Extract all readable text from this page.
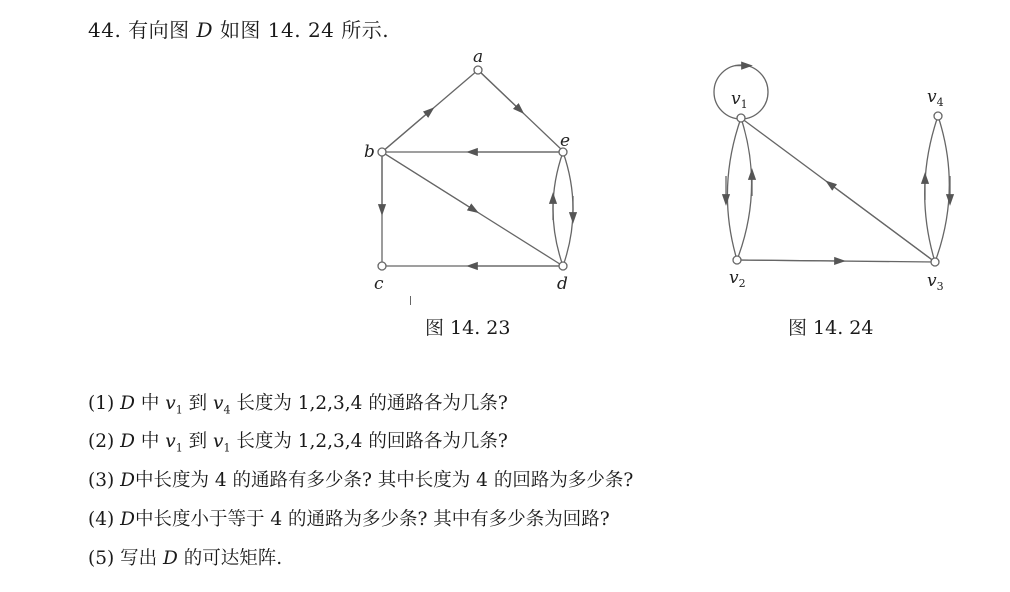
44. 有向图 D 如图 14. 24 所示.
a
b
c	d
e
$v_1$
$v_2$	$v_3$
$v_4$
图 14. 23	图 14. 24
(1) D 中 $v_1$ 到 $v_4$ 长度为 1,2,3,4 的通路各为几条?
(2) D 中 $v_1$ 到 $v_1$ 长度为 1,2,3,4 的回路各为几条?
(3) D中长度为 4 的通路有多少条? 其中长度为 4 的回路为多少条?
(4) D中长度小于等于 4 的通路为多少条? 其中有多少条为回路?
(5) 写出 D 的可达矩阵.
